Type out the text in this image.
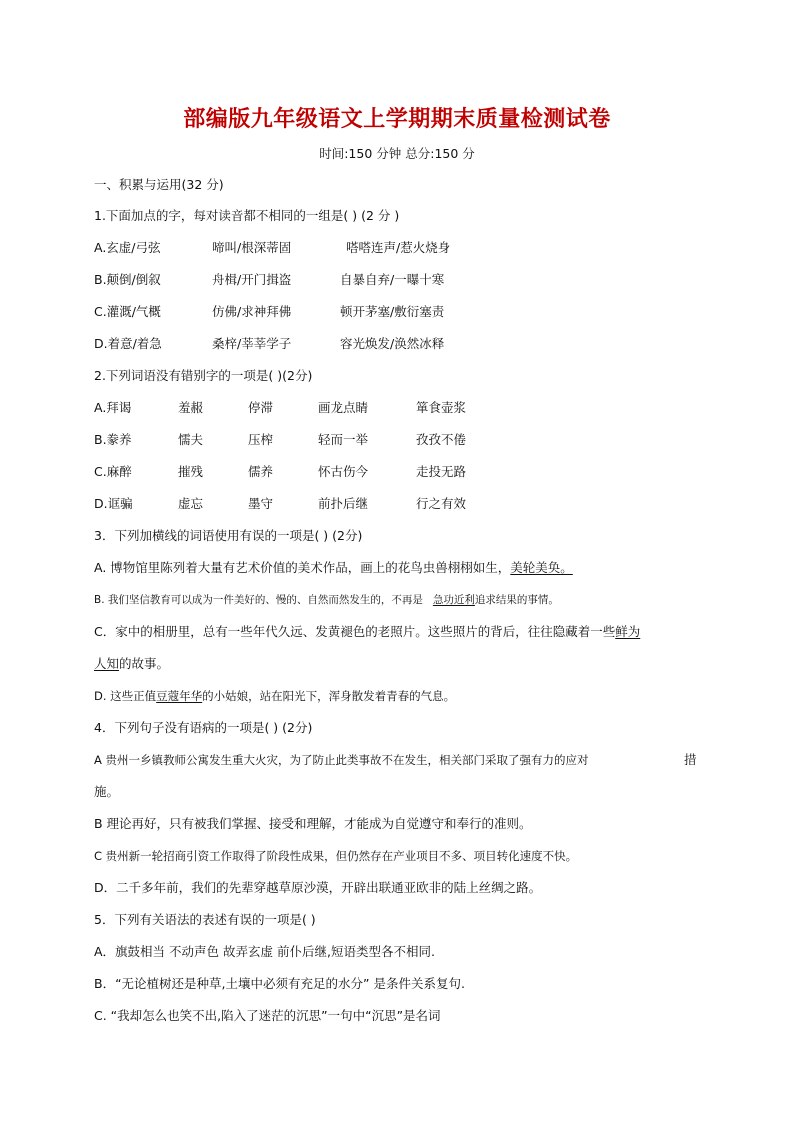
部编版九年级语文上学期期末质量检测试卷
时间:150 分钟 总分:150 分
一、积累与运用(32 分)
1.下面加点的字，每对读音都不相同的一组是( ) (2 分 )
A.玄虚/弓弦	啼叫/根深蒂固	嗒嗒连声/惹火烧身
B.颠倒/倒叙	舟楫/开门揖盗	自暴自弃/一曝十寒
C.灌溉/气概	仿佛/求神拜佛	顿开茅塞/敷衍塞责
D.着意/着急	桑梓/莘莘学子	容光焕发/涣然冰释
2.下列词语没有错别字的一项是( )(2分)
A.拜谒	羞赧	停滞	画龙点睛	箪食壶浆
B.豢养	懦夫	压榨	轻而一举	孜孜不倦
C.麻醉	摧残	儒养	怀古伤今	走投无路
D.诓骗	虚忘	墨守	前扑后继	行之有效
3．下列加横线的词语使用有误的一项是( ) (2分)
A. 博物馆里陈列着大量有艺术价值的美术作品，画上的花鸟虫兽栩栩如生，美轮美奂。
B. 我们坚信教育可以成为一件美好的、慢的、自然而然发生的，不再是 急功近利追求结果的事情。
C．家中的相册里，总有一些年代久远、发黄褪色的老照片。这些照片的背后，往往隐藏着一些鲜为
人知的故事。
D. 这些正值豆蔻年华的小姑娘，站在阳光下，浑身散发着青春的气息。
4．下列句子没有语病的一项是( ) (2分)
A 贵州一乡镇教师公寓发生重大火灾，为了防止此类事故不在发生，相关部门采取了强有力的应对	措
施。
B 理论再好，只有被我们掌握、接受和理解，才能成为自觉遵守和奉行的准则。
C 贵州新一轮招商引资工作取得了阶段性成果，但仍然存在产业项目不多、项目转化速度不快。
D．二千多年前，我们的先辈穿越草原沙漠，开辟出联通亚欧非的陆上丝绸之路。
5．下列有关语法的表述有误的一项是( )
A．旗鼓相当 不动声色 故弄玄虚 前仆后继,短语类型各不相同.
B．“无论植树还是种草,土壤中必须有充足的水分” 是条件关系复句.
C. “我却怎么也笑不出,陷入了迷茫的沉思”一句中“沉思”是名词
